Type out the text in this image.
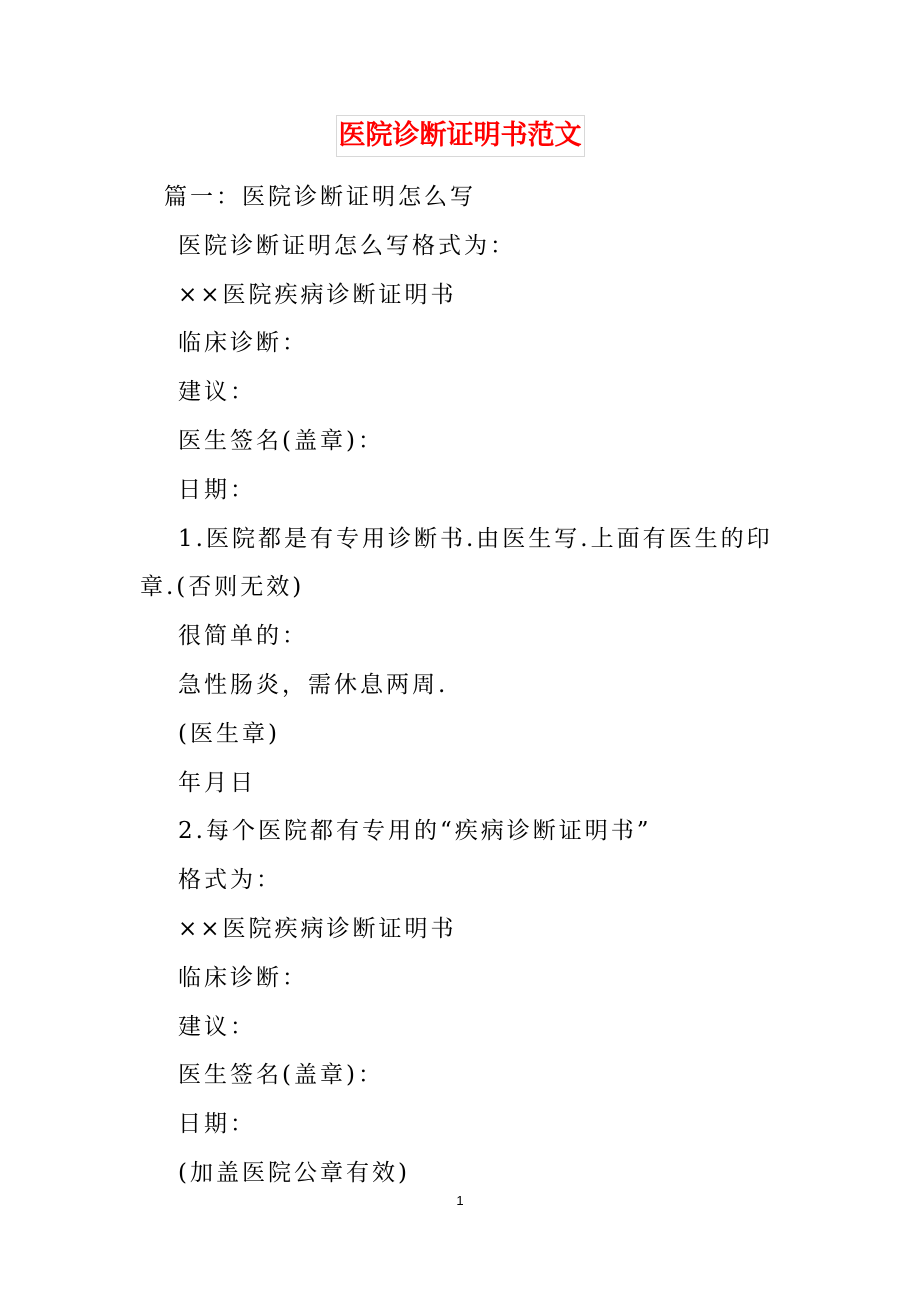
医院诊断证明书范文
篇一：医院诊断证明怎么写
医院诊断证明怎么写格式为：
××医院疾病诊断证明书
临床诊断：
建议：
医生签名(盖章)：
日期：

1.医院都是有专用诊断书.由医生写.上面有医生的印章.(否则无效)

很简单的：
急性肠炎，需休息两周.
(医生章)
年月日
2.每个医院都有专用的“疾病诊断证明书”
格式为：
××医院疾病诊断证明书
临床诊断：
建议：
医生签名(盖章)：
日期：
(加盖医院公章有效)
1
